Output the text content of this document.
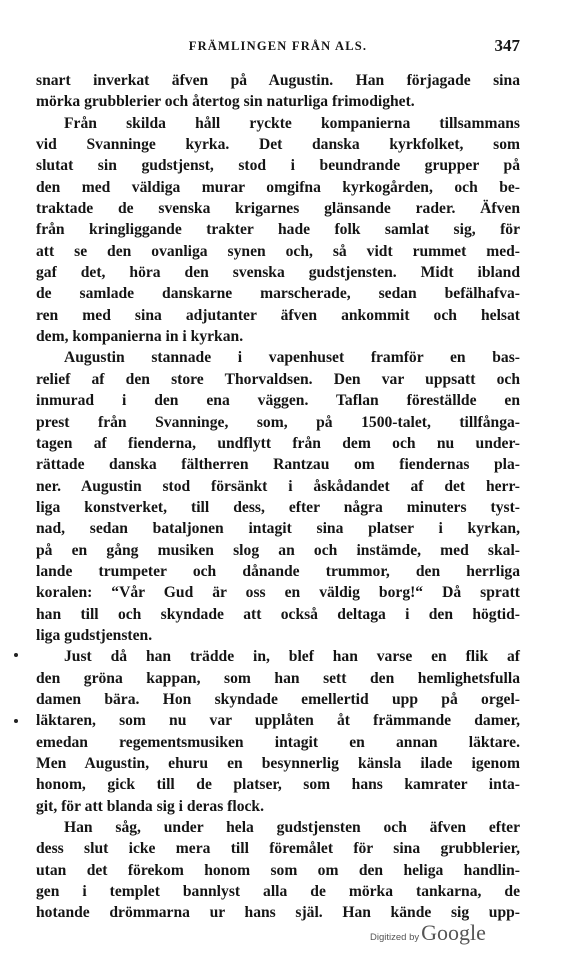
FRÄMLINGEN FRÅN ALS.	347
snart inverkat äfven på Augustin. Han förjagade sina
mörka grubblerier och återtog sin naturliga frimodighet.
Från skilda håll ryckte kompanierna tillsammans
vid Svanninge kyrka. Det danska kyrkfolket, som
slutat sin gudstjenst, stod i beundrande grupper på
den med väldiga murar omgifna kyrkogården, och be-
traktade de svenska krigarnes glänsande rader. Äfven
från kringliggande trakter hade folk samlat sig, för
att se den ovanliga synen och, så vidt rummet med-
gaf det, höra den svenska gudstjensten. Midt ibland
de samlade danskarne marscherade, sedan befälhafva-
ren med sina adjutanter äfven ankommit och helsat
dem, kompanierna in i kyrkan.
Augustin stannade i vapenhuset framför en bas-
relief af den store Thorvaldsen. Den var uppsatt och
inmurad i den ena väggen. Taflan föreställde en
prest från Svanninge, som, på 1500-talet, tillfånga-
tagen af fienderna, undflytt från dem och nu under-
rättade danska fältherren Rantzau om fiendernas pla-
ner. Augustin stod försänkt i åskådandet af det herr-
liga konstverket, till dess, efter några minuters tyst-
nad, sedan bataljonen intagit sina platser i kyrkan,
på en gång musiken slog an och instämde, med skal-
lande trumpeter och dånande trummor, den herrliga
koralen: “Vår Gud är oss en väldig borg!“ Då spratt
han till och skyndade att också deltaga i den högtid-
liga gudstjensten.
Just då han trädde in, blef han varse en flik af
den gröna kappan, som han sett den hemlighetsfulla
damen bära. Hon skyndade emellertid upp på orgel-
läktaren, som nu var upplåten åt främmande damer,
emedan regementsmusiken intagit en annan läktare.
Men Augustin, ehuru en besynnerlig känsla ilade igenom
honom, gick till de platser, som hans kamrater inta-
git, för att blanda sig i deras flock.
Han såg, under hela gudstjensten och äfven efter
dess slut icke mera till föremålet för sina grubblerier,
utan det förekom honom som om den heliga handlin-
gen i templet bannlyst alla de mörka tankarna, de
hotande drömmarna ur hans själ. Han kände sig upp-
Digitized by Google
